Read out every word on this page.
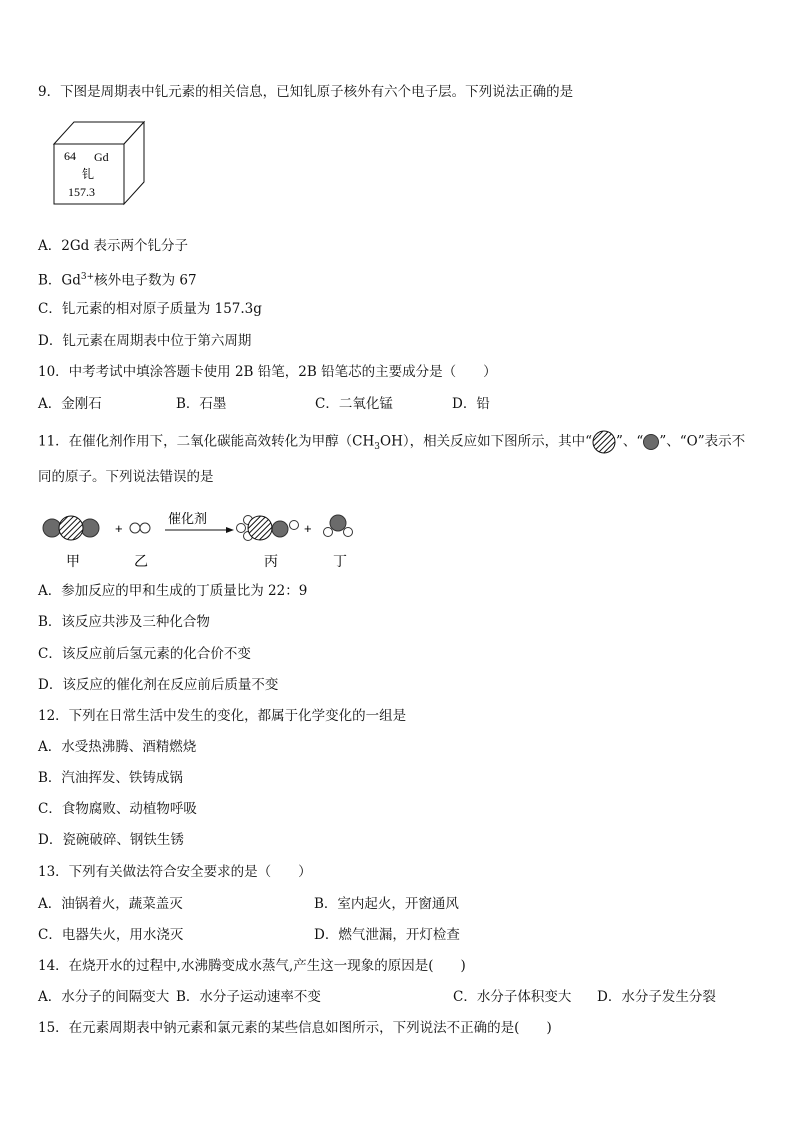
9．下图是周期表中钆元素的相关信息，已知钆原子核外有六个电子层。下列说法正确的是
64 Gd
钆
157.3
A．2Gd 表示两个钆分子
B．$Gd^{3+}$核外电子数为 67
C．钆元素的相对原子质量为 157.3g
D．钆元素在周期表中位于第六周期
10．中考考试中填涂答题卡使用 2B 铅笔，2B 铅笔芯的主要成分是（　　）
A．金刚石	B．石墨	C．二氧化锰	D．铅
11．在催化剂作用下，二氧化碳能高效转化为甲醇$(CH_3OH)$，相关反应如下图所示，其中“ ”、“ ”、“O”表示不
同的原子。下列说法错误的是
+
催化剂
+
甲	乙	丙	丁
A．参加反应的甲和生成的丁质量比为 22：9
B．该反应共涉及三种化合物
C．该反应前后氢元素的化合价不变
D．该反应的催化剂在反应前后质量不变
12．下列在日常生活中发生的变化，都属于化学变化的一组是
A．水受热沸腾、酒精燃烧
B．汽油挥发、铁铸成锅
C．食物腐败、动植物呼吸
D．瓷碗破碎、钢铁生锈
13．下列有关做法符合安全要求的是（　　）
A．油锅着火，蔬菜盖灭	B．室内起火，开窗通风
C．电器失火，用水浇灭	D．燃气泄漏，开灯检查
14．在烧开水的过程中,水沸腾变成水蒸气,产生这一现象的原因是(　　)
A．水分子的间隔变大 B．水分子运动速率不变	C．水分子体积变大 D．水分子发生分裂
15．在元素周期表中钠元素和氯元素的某些信息如图所示，下列说法不正确的是(　　)
